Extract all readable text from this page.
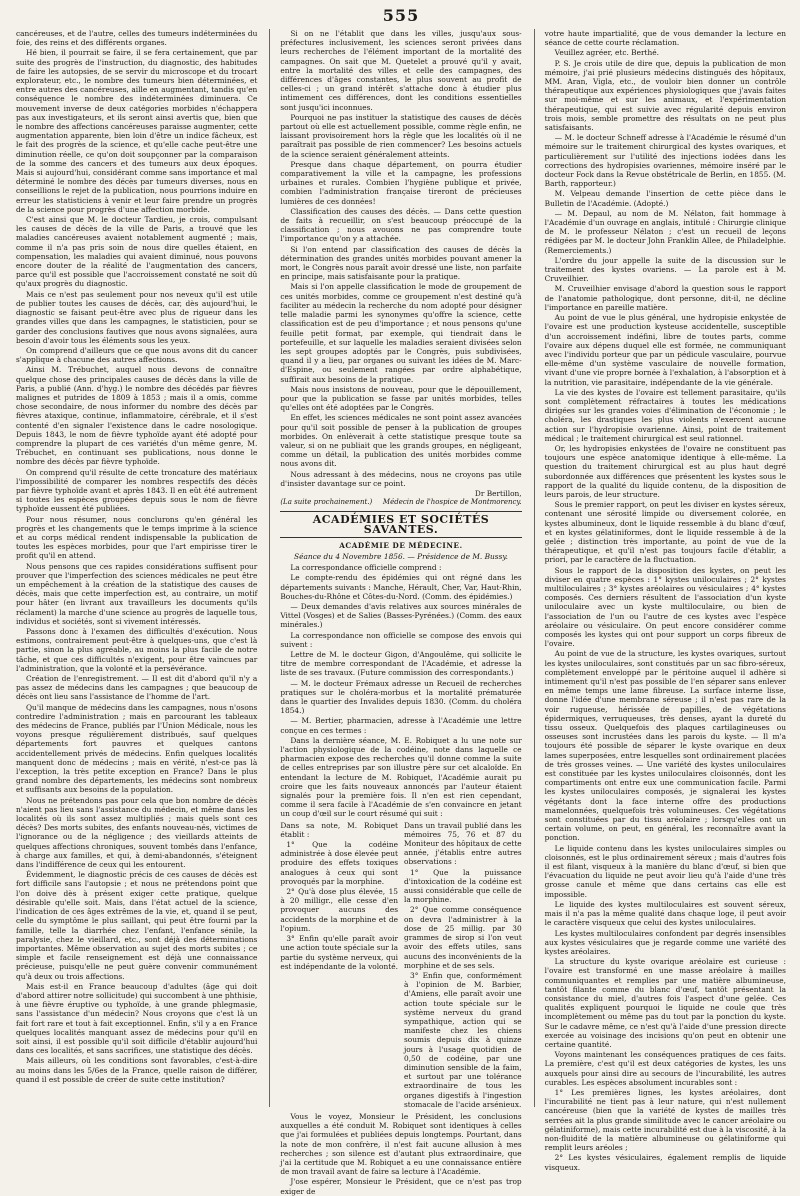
555

cancéreuses, et de l'autre, celles des tumeurs indéterminées du foie, des reins et des différents organes.

Hé bien, il pourrait se faire, il se fera certainement, que par suite des progrès de l'instruction, du diagnostic, des habitudes de faire les autopsies, de se servir du microscope et du trocart explorateur, etc., le nombre des tumeurs bien déterminées, et entre autres des cancéreuses, aille en augmentant, tandis qu'en conséquence le nombre des indéterminées diminuera. Ce mouvement inverse de deux catégories morbides n'échappera pas aux investigateurs, et ils seront ainsi avertis que, bien que le nombre des affections cancéreuses paraisse augmenter, cette augmentation apparente, bien loin d'être un indice fâcheux, est le fait des progrès de la science, et qu'elle cache peut-être une diminution réelle, ce qu'on doit soupçonner par la comparaison de la somme des cancers et des tumeurs aux deux époques. Mais si aujourd'hui, considérant comme sans importance et mal déterminé le nombre des décès par tumeurs diverses, nous en conseillions le rejet de la publication, nous pourrions induire en erreur les statisticiens à venir et leur faire prendre un progrès de la science pour progrès d'une affection morbide.

C'est ainsi que M. le docteur Tardieu, je crois, compulsant les causes de décès de la ville de Paris, a trouvé que les maladies cancéreuses avaient notablement augmenté ; mais, comme il n'a pas pris soin de nous dire quelles étaient, en compensation, les maladies qui avaient diminué, nous pouvons encore douter de la réalité de l'augmentation des cancers, parce qu'il est possible que l'accroissement constaté ne soit dû qu'aux progrès du diagnostic.

Mais ce n'est pas seulement pour nos neveux qu'il est utile de publier toutes les causes de décès, car, dès aujourd'hui, le diagnostic se faisant peut-être avec plus de rigueur dans les grandes villes que dans les campagnes, le statisticien, pour se garder des conclusions fautives que nous avons signalées, aura besoin d'avoir tous les éléments sous les yeux.

On comprend d'ailleurs que ce que nous avons dit du cancer s'applique à chacune des autres affections.

Ainsi M. Trébuchet, auquel nous devons de connaître quelque chose des principales causes de décès dans la ville de Paris, a publié (Ann. d'hyg.) le nombre des décédés par fièvres malignes et putrides de 1809 à 1853 ; mais il a omis, comme chose secondaire, de nous informer du nombre des décès par fièvres ataxique, continue, inflammatoire, cérébrale, et il s'est contenté d'en signaler l'existence dans le cadre nosologique. Depuis 1843, le nom de fièvre typhoïde ayant été adopté pour comprendre la plupart de ces variétés d'un même genre, M. Trébuchet, en continuant ses publications, nous donne le nombre des décès par fièvre typhoïde.

On comprend qu'il résulte de cette troncature des matériaux l'impossibilité de comparer les nombres respectifs des décès par fièvre typhoïde avant et après 1843. Il en eût été autrement si toutes les espèces groupées depuis sous le nom de fièvre typhoïde eussent été publiées.

Pour nous résumer, nous conclurons qu'en général les progrès et les changements que le temps imprime à la science et au corps médical rendent indispensable la publication de toutes les espèces morbides, pour que l'art empirisse tirer le profit qu'il en attend.

Nous pensons que ces rapides considérations suffisent pour prouver que l'imperfection des sciences médicales ne peut être un empêchement à la création de la statistique des causes de décès, mais que cette imperfection est, au contraire, un motif pour hâter (en livrant aux travailleurs les documents qu'ils réclament) la marche d'une science au progrès de laquelle tous, individus et sociétés, sont si vivement intéressés.

Passons donc à l'examen des difficultés d'exécution. Nous estimons, contrairement peut-être à quelques-uns, que c'est là partie, sinon la plus agréable, au moins la plus facile de notre tâche, et que ces difficultés n'exigent, pour être vaincues par l'administration, que la volonté et la persévérance.

Création de l'enregistrement. — Il est dit d'abord qu'il n'y a pas assez de médecins dans les campagnes ; que beaucoup de décès ont lieu sans l'assistance de l'homme de l'art.

Qu'il manque de médecins dans les campagnes, nous n'osons contredire l'administration ; mais en parcourant les tableaux des médecins de France, publiés par l'Union Médicale, nous les voyons presque régulièrement distribués, sauf quelques départements fort pauvres et quelques cantons accidentellement privés de médecins. Enfin quelques localités manquent donc de médecins ; mais en vérité, n'est-ce pas là l'exception, la très petite exception en France? Dans le plus grand nombre des départements, les médecins sont nombreux et suffisants aux besoins de la population.

Nous ne prétendons pas pour cela que bon nombre de décès n'aient pas lieu sans l'assistance du médecin, et même dans les localités où ils sont assez multipliés ; mais quels sont ces décès? Des morts subites, des enfants nouveau-nés, victimes de l'ignorance ou de la négligence ; des vieillards atteints de quelques affections chroniques, souvent tombés dans l'enfance, à charge aux familles, et qui, à demi-abandonnés, s'éteignent dans l'indifférence de ceux qui les entourent.

Évidemment, le diagnostic précis de ces causes de décès est fort difficile sans l'autopsie ; et nous ne prétendons point que l'on doive dès à présent exiger cette pratique, quelque désirable qu'elle soit. Mais, dans l'état actuel de la science, l'indication de ces âges extrêmes de la vie, et, quand il se peut, celle du symptôme le plus saillant, qui peut être fourni par la famille, telle la diarrhée chez l'enfant, l'enfance sénile, la paralysie, chez le vieillard, etc., sont déjà des déterminations importantes. Même observation au sujet des morts subites ; ce simple et facile renseignement est déjà une connaissance précieuse, puisqu'elle ne peut guère convenir communément qu'à deux ou trois affections.

Mais est-il en France beaucoup d'adultes (âge qui doit d'abord attirer notre sollicitude) qui succombent à une phthisie, à une fièvre éruptive ou typhoïde, à une grande phlegmasie, sans l'assistance d'un médecin? Nous croyons que c'est là un fait fort rare et tout à fait exceptionnel. Enfin, s'il y a en France quelques localités manquant assez de médecins pour qu'il en soit ainsi, il est possible qu'il soit difficile d'établir aujourd'hui dans ces localités, et sans sacrifices, une statistique des décès.

Mais ailleurs, où les conditions sont favorables, c'est-à-dire au moins dans les 5/6es de la France, quelle raison de différer, quand il est possible de créer de suite cette institution?

Si on ne l'établit que dans les villes, jusqu'aux sous-préfectures inclusivement, les sciences seront privées dans leurs recherches de l'élément important de la mortalité des campagnes. On sait que M. Quetelet a prouvé qu'il y avait, entre la mortalité des villes et celle des campagnes, des différences d'âges constantes, le plus souvent au profit de celles-ci ; un grand intérêt s'attache donc à étudier plus intimement ces différences, dont les conditions essentielles sont jusqu'ici inconnues.

Pourquoi ne pas instituer la statistique des causes de décès partout où elle est actuellement possible, comme règle enfin, ne laissant provisoirement hors la règle que les localités où il ne paraîtrait pas possible de rien commencer? Les besoins actuels de la science seraient généralement atteints.

Presque dans chaque département, on pourra étudier comparativement la ville et la campagne, les professions urbaines et rurales. Combien l'hygiène publique et privée, combien l'administration française tireront de précieuses lumières de ces données!

Classification des causes des décès. — Dans cette question de faits à recueillir, on s'est beaucoup préoccupé de la classification ; nous avouons ne pas comprendre toute l'importance qu'on y a attachée.

Si l'on entend par classification des causes de décès la détermination des grandes unités morbides pouvant amener la mort, le Congrès nous paraît avoir dressé une liste, non parfaite en principe, mais satisfaisante pour la pratique.

Mais si l'on appelle classification le mode de groupement de ces unités morbides, comme ce groupement n'est destiné qu'à faciliter au médecin la recherche du nom adopté pour désigner telle maladie parmi les synonymes qu'offre la science, cette classification est de peu d'importance ; et nous pensons qu'une feuille petit format, par exemple, qui tiendrait dans le portefeuille, et sur laquelle les maladies seraient divisées selon les sept groupes adoptés par le Congrès, puis subdivisées, quand il y a lieu, par organes ou suivant les idées de M. Marc-d'Espine, ou seulement rangées par ordre alphabétique, suffirait aux besoins de la pratique.

Mais nous insistons de nouveau, pour que le dépouillement, pour que la publication se fasse par unités morbides, telles qu'elles ont été adoptées par le Congrès.

En effet, les sciences médicales ne sont point assez avancées pour qu'il soit possible de penser à la publication de groupes morbides. On enlèverait à cette statistique presque toute sa valeur, si on ne publiait que les grands groupes, en négligeant, comme un détail, la publication des unités morbides comme nous avons dit.

Nous adressant à des médecins, nous ne croyons pas utile d'insister davantage sur ce point.

Dr Bertillon,
(La suite prochainement.) Médecin de l'hospice de Montmorency.
ACADÉMIES ET SOCIÉTÉS SAVANTES.
ACADÉMIE DE MÉDECINE.
Séance du 4 Novembre 1856. — Présidence de M. Bussy.

La correspondance officielle comprend :

Le compte-rendu des épidémies qui ont régné dans les départements suivants : Manche, Hérault, Cher, Var, Haut-Rhin, Bouches-du-Rhône et Côtes-du-Nord. (Comm. des épidémies.)

— Deux demandes d'avis relatives aux sources minérales de Vittel (Vosges) et de Salies (Basses-Pyrénées.) (Comm. des eaux minérales.)

La correspondance non officielle se compose des envois qui suivent :

Lettre de M. le docteur Gigon, d'Angoulême, qui sollicite le titre de membre correspondant de l'Académie, et adresse la liste de ses travaux. (Future commission des correspondants.)

— M. le docteur Frémaux adresse un Recueil de recherches pratiques sur le choléra-morbus et la mortalité prématurée dans le quartier des Invalides depuis 1830. (Comm. du choléra 1854.)

— M. Bertier, pharmacien, adresse à l'Académie une lettre conçue en ces termes :

Dans la dernière séance, M. E. Robiquet a lu une note sur l'action physiologique de la codéine, note dans laquelle ce pharmacien expose des recherches qu'il donne comme la suite de celles entreprises par son illustre père sur cet alcaloïde. En entendant la lecture de M. Robiquet, l'Académie aurait pu croire que les faits nouveaux annoncés par l'auteur étaient signalés pour la première fois. Il n'en est rien cependant, comme il sera facile à l'Académie de s'en convaincre en jetant un coup d'œil sur le court résumé qui suit :

Dans sa note, M. Robiquet établit :

1° Que la codéine administrée à dose élevée peut produire des effets toxiques analogues à ceux qui sont provoqués par la morphine.

2° Qu'à dose plus élevée, 15 à 20 milligr., elle cesse d'en provoquer aucuns des accidents de la morphine et de l'opium.

3° Enfin qu'elle paraît avoir une action toute spéciale sur la partie du système nerveux, qui est indépendante de la volonté.

Dans un travail publié dans les mémoires 75, 76 et 87 du Moniteur des hôpitaux de cette année, j'établis entre autres observations :

1° Que la puissance d'intoxication de la codéine est aussi considérable que celle de la morphine.

2° Que comme conséquence on devra l'administrer à la dose de 25 millig. par 30 grammes de sirop si l'on veut avoir des effets utiles, sans aucuns des inconvénients de la morphine et de ses sels.

3° Enfin que, conformément à l'opinion de M. Barbier, d'Amiens, elle paraît avoir une action toute spéciale sur le système nerveux du grand sympathique, action qui se manifeste chez les chiens soumis depuis dix à quinze jours à l'usage quotidien de 0,50 de codéine, par une diminution sensible de la faim, et surtout par une tolérance extraordinaire de tous les organes digestifs à l'ingestion stomacale de l'acide arsénieux.

Vous le voyez, Monsieur le Président, les conclusions auxquelles a été conduit M. Robiquet sont identiques à celles que j'ai formulées et publiées depuis longtemps. Pourtant, dans la note de mon confrère, il n'est fait aucune allusion à mes recherches ; son silence est d'autant plus extraordinaire, que j'ai la certitude que M. Robiquet a eu une connaissance entière de mon travail avant de faire sa lecture à l'Académie.

J'ose espérer, Monsieur le Président, que ce n'est pas trop exiger de

votre haute impartialité, que de vous demander la lecture en séance de cette courte réclamation.

Veuillez agréer, etc. Berthé.

P. S. Je crois utile de dire que, depuis la publication de mon mémoire, j'ai prié plusieurs médecins distingués des hôpitaux, MM. Aran, Vigla, etc., de vouloir bien donner un contrôle thérapeutique aux expériences physiologiques que j'avais faites sur moi-même et sur les animaux, et l'expérimentation thérapeutique, qui est suivie avec régularité depuis environ trois mois, semble promettre des résultats on ne peut plus satisfaisants.

— M. le docteur Schneff adresse à l'Académie le résumé d'un mémoire sur le traitement chirurgical des kystes ovariques, et particulièrement sur l'utilité des injections iodées dans les corrections des hydropisies ovariennes, mémoire inséré par le docteur Fock dans la Revue obstétricale de Berlin, en 1855. (M. Barth, rapporteur.)

M. Velpeau demande l'insertion de cette pièce dans le Bulletin de l'Académie. (Adopté.)

— M. Depaul, au nom de M. Nélaton, fait hommage à l'Académie d'un ouvrage en anglais, intitulé : Chirurgie clinique de M. le professeur Nélaton ; c'est un recueil de leçons rédigées par M. le docteur John Franklin Allee, de Philadelphie. (Remerciements.)

L'ordre du jour appelle la suite de la discussion sur le traitement des kystes ovariens. — La parole est à M. Cruveilhier.

M. Cruveilhier envisage d'abord la question sous le rapport de l'anatomie pathologique, dont personne, dit-il, ne décline l'importance en pareille matière.

Au point de vue le plus général, une hydropisie enkystée de l'ovaire est une production kysteuse accidentelle, susceptible d'un accroissement indéfini, libre de toutes parts, comme l'ovaire aux dépens duquel elle est formée, ne communiquant avec l'individu porteur que par un pédicule vasculaire, pourvue elle-même d'un système vasculaire de nouvelle formation, vivant d'une vie propre bornée à l'exhalation, à l'absorption et à la nutrition, vie parasitaire, indépendante de la vie générale.

La vie des kystes de l'ovaire est tellement parasitaire, qu'ils sont complètement réfractaires à toutes les médications dirigées sur les grandes voies d'élimination de l'économie ; le choléra, les drastiques les plus violents n'exercent aucune action sur l'hydropisie ovarienne. Ainsi, point de traitement médical ; le traitement chirurgical est seul rationnel.

Or, les hydropisies enkystées de l'ovaire ne constituent pas toujours une espèce anatomique identique à elle-même. La question du traitement chirurgical est au plus haut degré subordonnée aux différences que présentent les kystes sous le rapport de la qualité du liquide contenu, de la disposition de leurs parois, de leur structure.

Sous le premier rapport, on peut les diviser en kystes séreux, contenant une sérosité limpide ou diversement colorée, en kystes albumineux, dont le liquide ressemble à du blanc d'œuf, et en kystes gélatiniformes, dont le liquide ressemble à de la gelée ; distinction très importante, au point de vue de la thérapeutique, et qu'il n'est pas toujours facile d'établir, a priori, par le caractère de la fluctuation.

Sous le rapport de la disposition des kystes, on peut les diviser en quatre espèces : 1° kystes uniloculaires ; 2° kystes multiloculaires ; 3° kystes aréolaires ou vésiculaires ; 4° kystes composés. Ces derniers résultent de l'association d'un kyste uniloculaire avec un kyste multiloculaire, ou bien de l'association de l'un ou l'autre de ces kystes avec l'espèce aréolaire ou vésiculaire. On peut encore considérer comme composés les kystes qui ont pour support un corps fibreux de l'ovaire.

Au point de vue de la structure, les kystes ovariques, surtout les kystes uniloculaires, sont constitués par un sac fibro-séreux, complètement enveloppé par le péritoine auquel il adhère si intimement qu'il n'est pas possible de l'en séparer sans enlever en même temps une lame fibreuse. La surface interne lisse, donne l'idée d'une membrane séreuse ; il n'est pas rare de la voir rugueuse, hérissée de papilles, de végétations épidermiques, verruqueuses, très denses, ayant la dureté du tissu osseux. Quelquefois des plaques cartilagineuses ou osseuses sont incrustées dans les parois du kyste. — Il m'a toujours été possible de séparer le kyste ovarique en deux lames superposées, entre lesquelles sont ordinairement placées de très grosses veines. — Une variété des kystes uniloculaires est constituée par les kystes uniloculaires cloisonnés, dont les compartiments ont entre eux une communication facile. Parmi les kystes uniloculaires composés, je signalerai les kystes végétants dont la face interne offre des productions mamelonnées, quelquefois très volumineuses. Ces végétations sont constituées par du tissu aréolaire ; lorsqu'elles ont un certain volume, on peut, en général, les reconnaître avant la ponction.

Le liquide contenu dans les kystes uniloculaires simples ou cloisonnés, est le plus ordinairement séreux ; mais d'autres fois il est filant, visqueux à la manière du blanc d'œuf, si bien que l'évacuation du liquide ne peut avoir lieu qu'à l'aide d'une très grosse canule et même que dans certains cas elle est impossible.

Le liquide des kystes multiloculaires est souvent séreux, mais il n'a pas la même qualité dans chaque loge, il peut avoir le caractère visqueux que celui des kystes uniloculaires.

Les kystes multiloculaires confondent par degrés insensibles aux kystes vésiculaires que je regarde comme une variété des kystes aréolaires.

La structure du kyste ovarique aréolaire est curieuse : l'ovaire est transformé en une masse aréolaire à mailles communiquantes et remplies par une matière albumineuse, tantôt filante comme du blanc d'œuf, tantôt présentant la consistance du miel, d'autres fois l'aspect d'une gelée. Ces qualités expliquent pourquoi le liquide ne coule que très incomplètement ou même pas du tout par la ponction du kyste. Sur le cadavre même, ce n'est qu'à l'aide d'une pression directe exercée au voisinage des incisions qu'on peut en obtenir une certaine quantité.

Voyons maintenant les conséquences pratiques de ces faits. La première, c'est qu'il est deux catégories de kystes, les uns auxquels pour ainsi dire au secours de l'incurabilité, les autres curables. Les espèces absolument incurables sont :

1° Les premières lignes, les kystes aréolaires, dont l'incurabilité ne tient pas à leur nature, qui n'est nullement cancéreuse (bien que la variété de kystes de mailles très serrées ait la plus grande similitude avec le cancer aréolaire ou gélatiniforme), mais cette incurabilité est due à la viscosité, à la non-fluidité de la matière albumineuse ou gélatiniforme qui remplit leurs aréoles ;

2° Les kystes vésiculaires, également remplis de liquide visqueux.
